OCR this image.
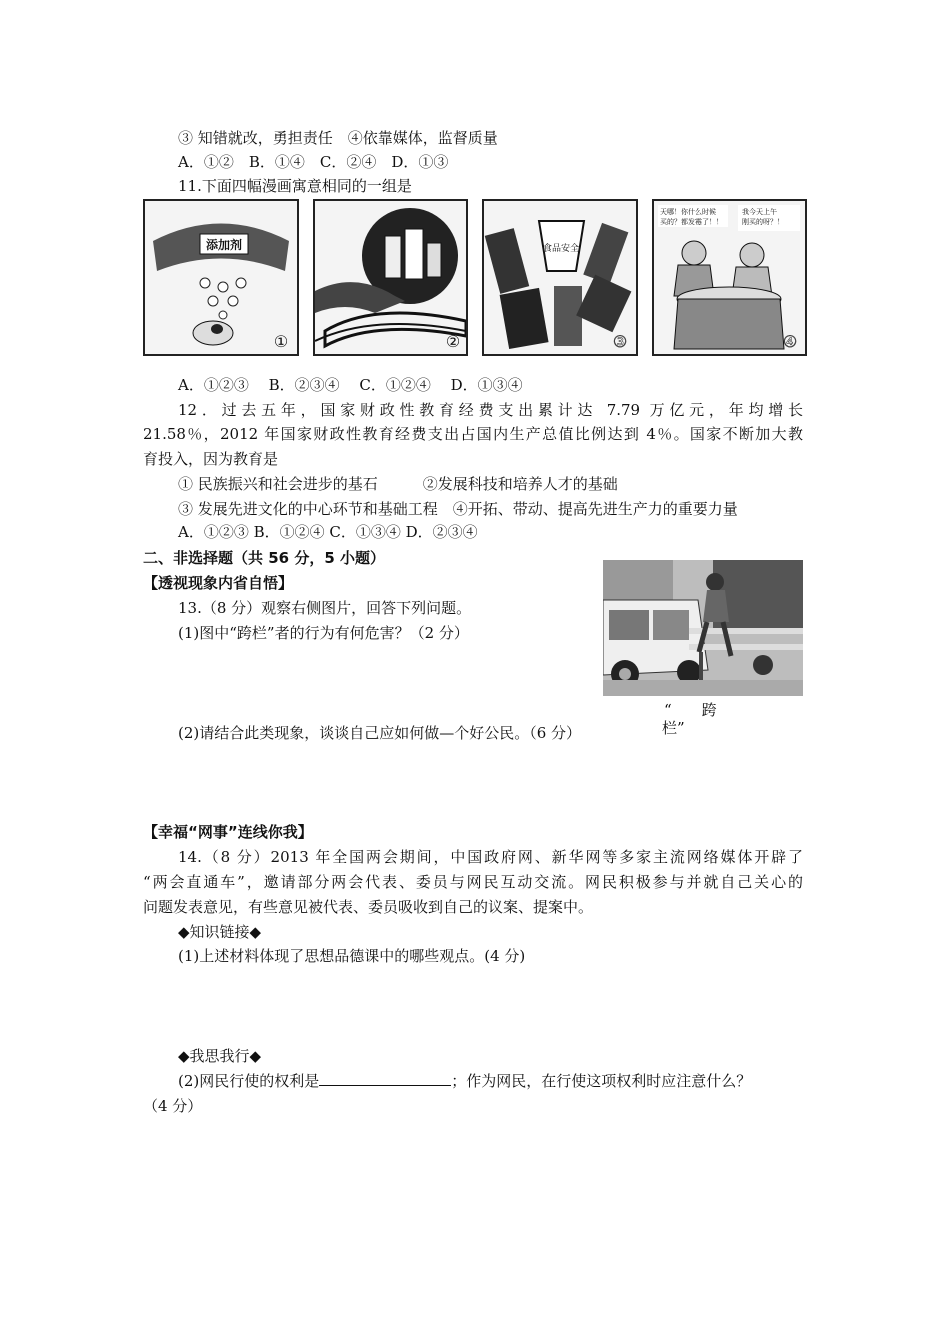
③ 知错就改，勇担责任　④依靠媒体，监督质量
A．①②　B．①④　C．②④　D．①③
11.下面四幅漫画寓意相同的一组是
添加剂
①	②
食品安全
③
天哪！你什么时候
买的？都发霉了！！
我今天上午
刚买的呀？！
④
A．①②③　 B．②③④　 C．①②④　 D．①③④
12．过去五年，国家财政性教育经费支出累计达 7.79 万亿元，年均增长
21.58％，2012 年国家财政性教育经费支出占国内生产总值比例达到 4％。国家不断加大教
育投入，因为教育是
① 民族振兴和社会进步的基石　　　②发展科技和培养人才的基础
③ 发展先进文化的中心环节和基础工程　④开拓、带动、提高先进生产力的重要力量
A．①②③ B．①②④ C．①③④ D．②③④
二、非选择题（共 56 分，5 小题）
【透视现象内省自悟】
13.（8 分）观察右侧图片，回答下列问题。
(1)图中“跨栏”者的行为有何危害？（2 分）
“　　跨
栏”
(2)请结合此类现象，谈谈自己应如何做—个好公民。（6 分）
【幸福“网事”连线你我】
14.（8 分）2013 年全国两会期间，中国政府网、新华网等多家主流网络媒体开辟了
“两会直通车”，邀请部分两会代表、委员与网民互动交流。网民积极参与并就自己关心的
问题发表意见，有些意见被代表、委员吸收到自己的议案、提案中。
◆知识链接◆
(1)上述材料体现了思想品德课中的哪些观点。(4 分)
◆我思我行◆
(2)网民行使的权利是	；作为网民，在行使这项权利时应注意什么？
（4 分）
